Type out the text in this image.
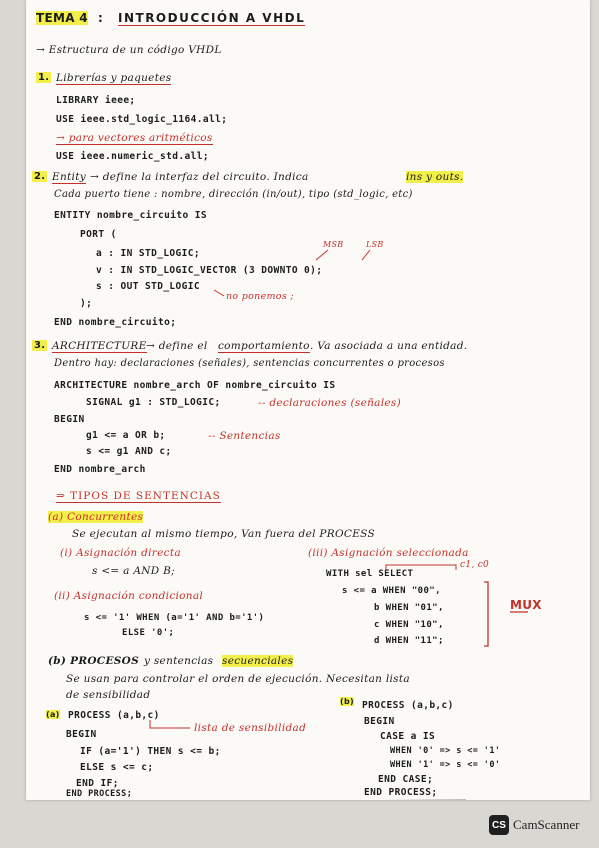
TEMA 4 : INTRODUCCIÓN A VHDL
→ Estructura de un código VHDL
1. Librerías y paquetes
LIBRARY ieee;
USE ieee.std_logic_1164.all;
→ para vectores aritméticos
USE ieee.numeric_std.all;
2. Entity → define la interfaz del circuito. Indica	ins y outs.
Cada puerto tiene : nombre, dirección (in/out), tipo (std_logic, etc)
ENTITY nombre_circuito IS
PORT (
MSB	LSB
a : IN STD_LOGIC;
v : IN STD_LOGIC_VECTOR (3 DOWNTO 0);
s : OUT STD_LOGIC
no ponemos ;
);
END nombre_circuito;
3. ARCHITECTURE → define el comportamiento . Va asociada a una entidad.
Dentro hay: declaraciones (señales), sentencias concurrentes o procesos
ARCHITECTURE nombre_arch OF nombre_circuito IS
SIGNAL g1 : STD_LOGIC;	-- declaraciones (señales)
BEGIN
g1 <= a OR b;	-- Sentencias
s <= g1 AND c;
END nombre_arch
⇒ TIPOS DE SENTENCIAS
(a) Concurrentes
Se ejecutan al mismo tiempo, Van fuera del PROCESS
(i) Asignación directa
s <= a AND B;
(ii) Asignación condicional
s <= '1' WHEN (a='1' AND b='1')
ELSE '0';
(iii) Asignación seleccionada
c1, c0
WITH sel SELECT
s <= a WHEN "00",
b WHEN "01",
c WHEN "10",
d WHEN "11";
MUX
(b) PROCESOS y sentencias secuenciales
Se usan para controlar el orden de ejecución. Necesitan lista
de sensibilidad
(a) PROCESS (a,b,c)
lista de sensibilidad
BEGIN
IF (a='1') THEN s <= b;
ELSE s <= c;
END IF;
END PROCESS;
(b) PROCESS (a,b,c)
BEGIN
CASE a IS
WHEN '0' => s <= '1'
WHEN '1' => s <= '0'
END CASE;
END PROCESS;
CS CamScanner
